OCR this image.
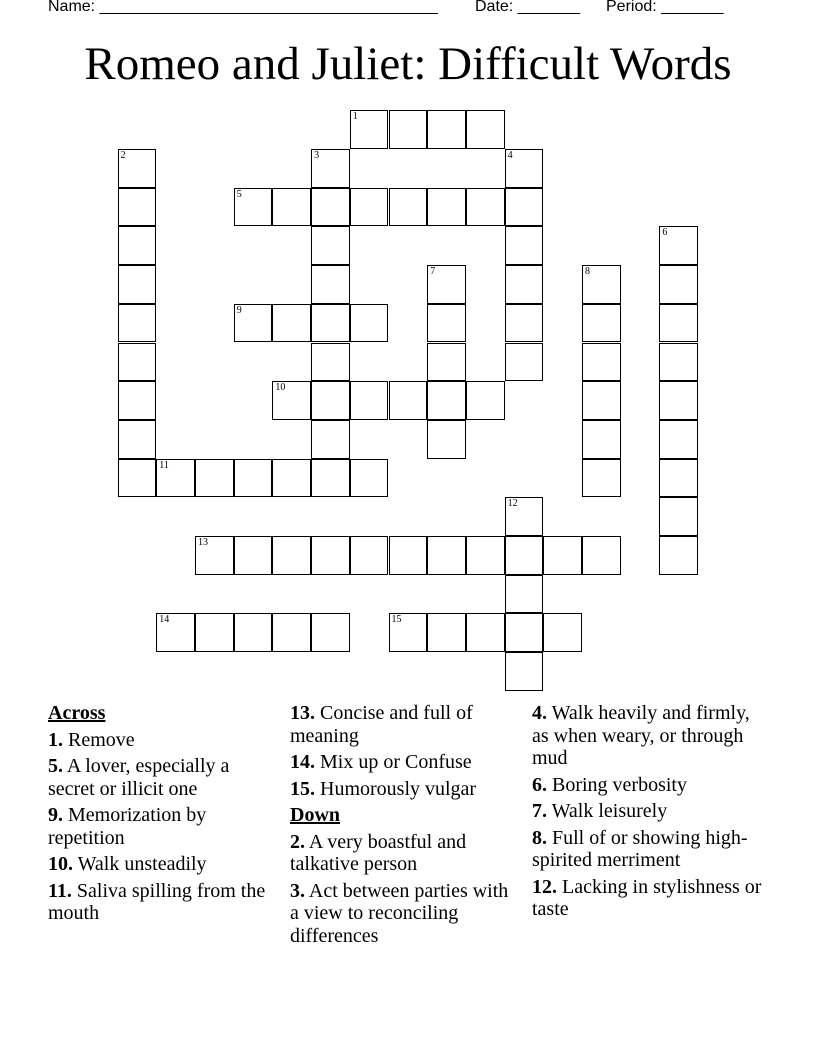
Name: ______________________________________ Date: _______ Period: _______
Romeo and Juliet: Difficult Words
1
5
9
10
11
13
14	15
2	3	4
6
7	8
12
Across
1. Remove
5. A lover, especially a secret or illicit one
9. Memorization by repetition
10. Walk unsteadily
11. Saliva spilling from the mouth
13. Concise and full of meaning
14. Mix up or Confuse
15. Humorously vulgar
Down
2. A very boastful and talkative person
3. Act between parties with a view to reconciling differences
4. Walk heavily and firmly, as when weary, or through mud
6. Boring verbosity
7. Walk leisurely
8. Full of or showing high-spirited merriment
12. Lacking in stylishness or taste
